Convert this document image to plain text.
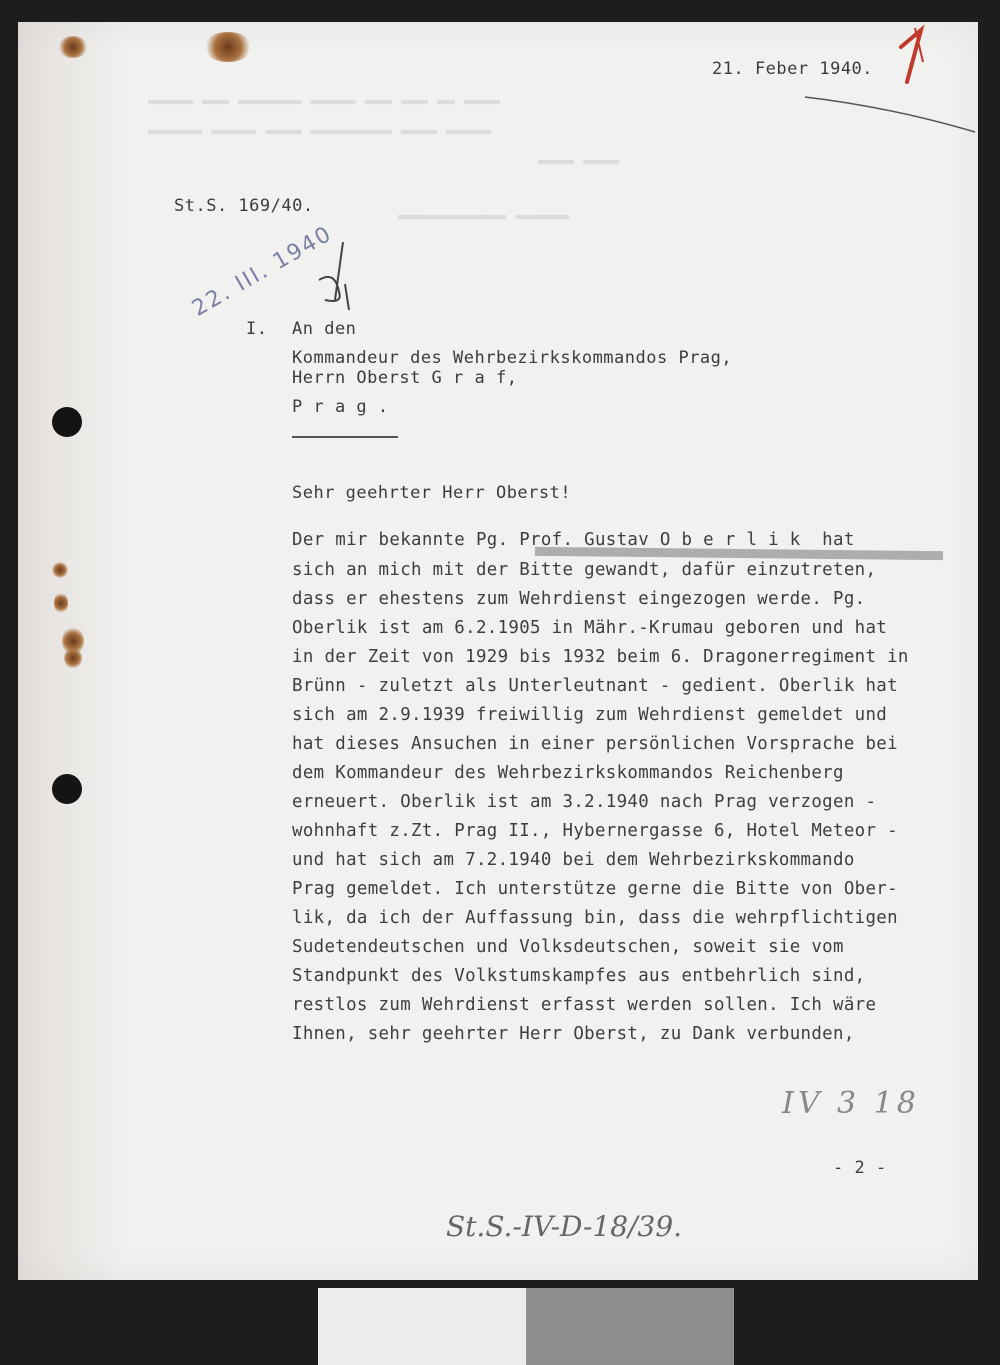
▬▬▬▬▬ ▬▬▬ ▬▬▬▬▬▬▬ ▬▬▬▬▬ ▬▬▬ ▬▬▬ ▬▬ ▬▬▬▬
▬▬▬▬▬▬ ▬▬▬▬▬ ▬▬▬▬ ▬▬▬▬▬▬▬▬▬ ▬▬▬▬ ▬▬▬▬▬
▬▬▬▬ ▬▬▬▬
▬▬▬▬▬▬▬▬▬▬▬▬ ▬▬▬▬▬▬
21. Feber 1940.
St.S. 169/40.
22. III. 1940
I. An den
Kommandeur des Wehrbezirkskommandos Prag,
Herrn Oberst G r a f,
P r a g .
Sehr geehrter Herr Oberst!
Der mir bekannte Pg. Prof. Gustav O b e r l i k  hat
sich an mich mit der Bitte gewandt, dafür einzutreten,
dass er ehestens zum Wehrdienst eingezogen werde. Pg.
Oberlik ist am 6.2.1905 in Mähr.-Krumau geboren und hat
in der Zeit von 1929 bis 1932 beim 6. Dragonerregiment in
Brünn - zuletzt als Unterleutnant - gedient. Oberlik hat
sich am 2.9.1939 freiwillig zum Wehrdienst gemeldet und
hat dieses Ansuchen in einer persönlichen Vorsprache bei
dem Kommandeur des Wehrbezirkskommandos Reichenberg
erneuert. Oberlik ist am 3.2.1940 nach Prag verzogen -
wohnhaft z.Zt. Prag II., Hybernergasse 6, Hotel Meteor -
und hat sich am 7.2.1940 bei dem Wehrbezirkskommando
Prag gemeldet. Ich unterstütze gerne die Bitte von Ober-
lik, da ich der Auffassung bin, dass die wehrpflichtigen
Sudetendeutschen und Volksdeutschen, soweit sie vom
Standpunkt des Volkstumskampfes aus entbehrlich sind,
restlos zum Wehrdienst erfasst werden sollen. Ich wäre
Ihnen, sehr geehrter Herr Oberst, zu Dank verbunden,
IV 3 18
- 2 -
St.S.-IV-D-18/39.
